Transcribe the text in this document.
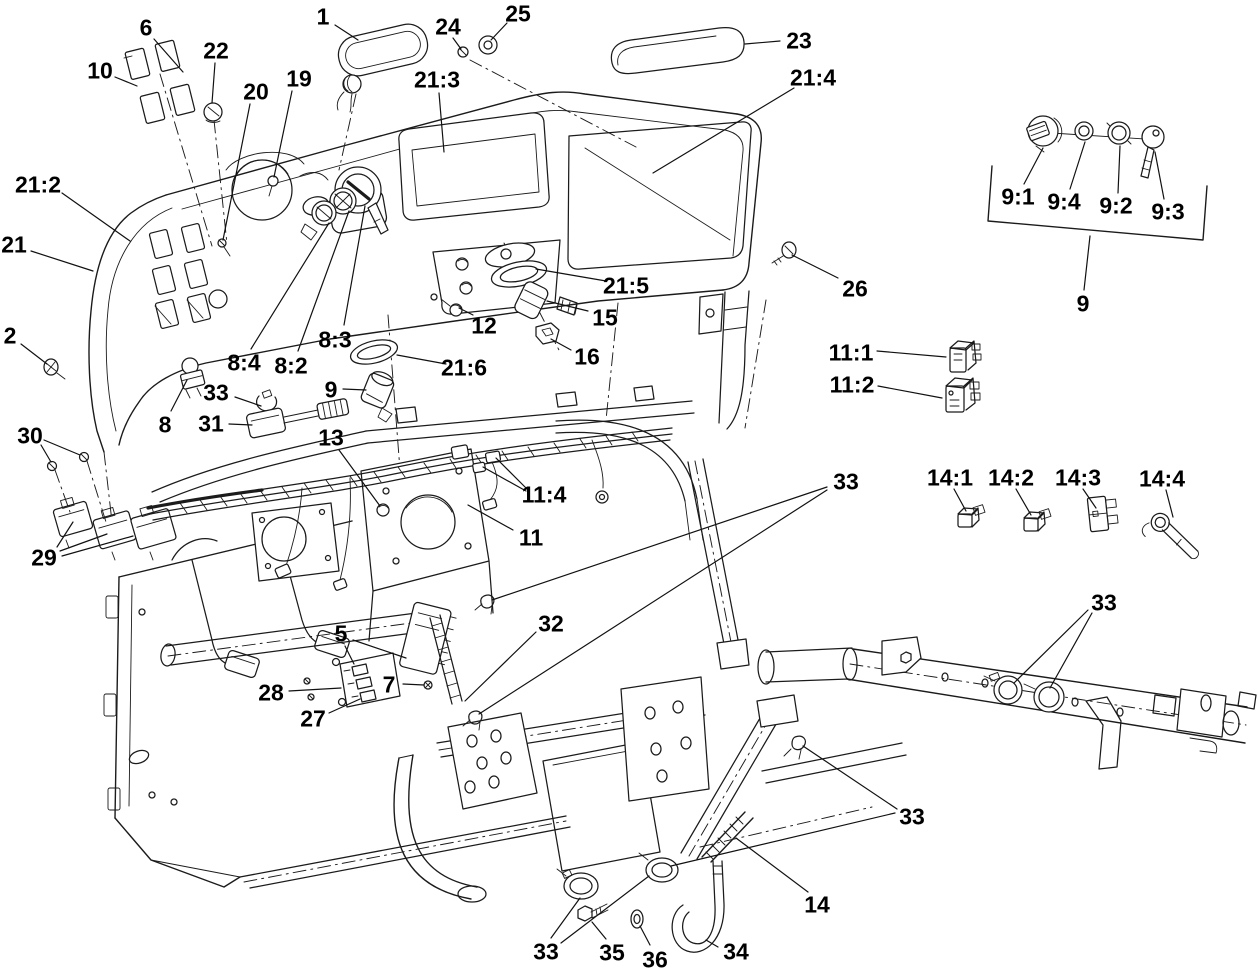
1
6
10
22
20 19
24 25
23
21:4
21:3
21:2
21
2
8:4 8:2
8:3
21:6
9
12
21:5
15
16
26
8
33
31
13
30
29
11:4
11
33
32
5
28
27
7
9
9:1 9:4 9:2 9:3
11:1
11:2
14:1 14:2 14:3 14:4
33
33
33 35 36 34
14
